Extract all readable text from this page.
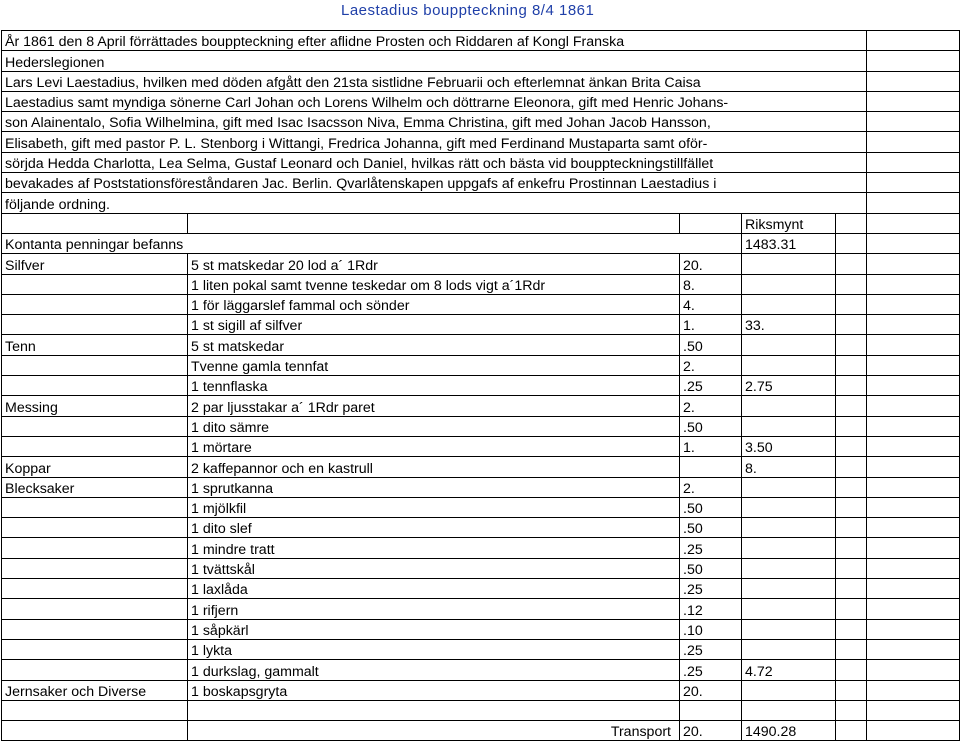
Laestadius bouppteckning 8/4 1861
År 1861 den 8 April förrättades bouppteckning efter aflidne Prosten och Riddaren af Kongl Franska					
Hederslegionen					
Lars Levi Laestadius, hvilken med döden afgått den 21sta sistlidne Februarii och efterlemnat änkan Brita Caisa					
Laestadius samt myndiga sönerne Carl Johan och Lorens Wilhelm och döttrarne Eleonora, gift med Henric Johans-					
son Alainentalo, Sofia Wilhelmina, gift med Isac Isacsson Niva, Emma Christina, gift med Johan Jacob Hansson,					
Elisabeth, gift med pastor P. L. Stenborg i Wittangi, Fredrica Johanna, gift med Ferdinand Mustaparta samt oför-					
sörjda Hedda Charlotta, Lea Selma, Gustaf Leonard och Daniel, hvilkas rätt och bästa vid bouppteckningstillfället					
bevakades af Poststationsföreståndaren Jac. Berlin. Qvarlåtenskapen uppgafs af enkefru Prostinnan Laestadius i					
följande ordning.					
			Riksmynt		
Kontanta penningar befanns			1483.31		
Silfver	5 st matskedar 20 lod a´ 1Rdr	20.			
	1 liten pokal samt tvenne teskedar om 8 lods vigt a´1Rdr	8.			
	1 för läggarslef fammal och sönder	4.			
	1 st sigill af silfver	1.	33.		
Tenn	5 st matskedar	.50			
	Tvenne gamla tennfat	2.			
	1 tennflaska	.25	2.75		
Messing	2 par ljusstakar a´ 1Rdr paret	2.			
	1 dito sämre	.50			
	1 mörtare	1.	3.50		
Koppar	2 kaffepannor och en kastrull		8.		
Blecksaker	1 sprutkanna	2.			
	1 mjölkfil	.50			
	1 dito slef	.50			
	1 mindre tratt	.25			
	1 tvättskål	.50			
	1 laxlåda	.25			
	1 rifjern	.12			
	1 såpkärl	.10			
	1 lykta	.25			
	1 durkslag, gammalt	.25	4.72		
Jernsaker och Diverse	1 boskapsgryta	20.			

	Transport	20.	1490.28		
